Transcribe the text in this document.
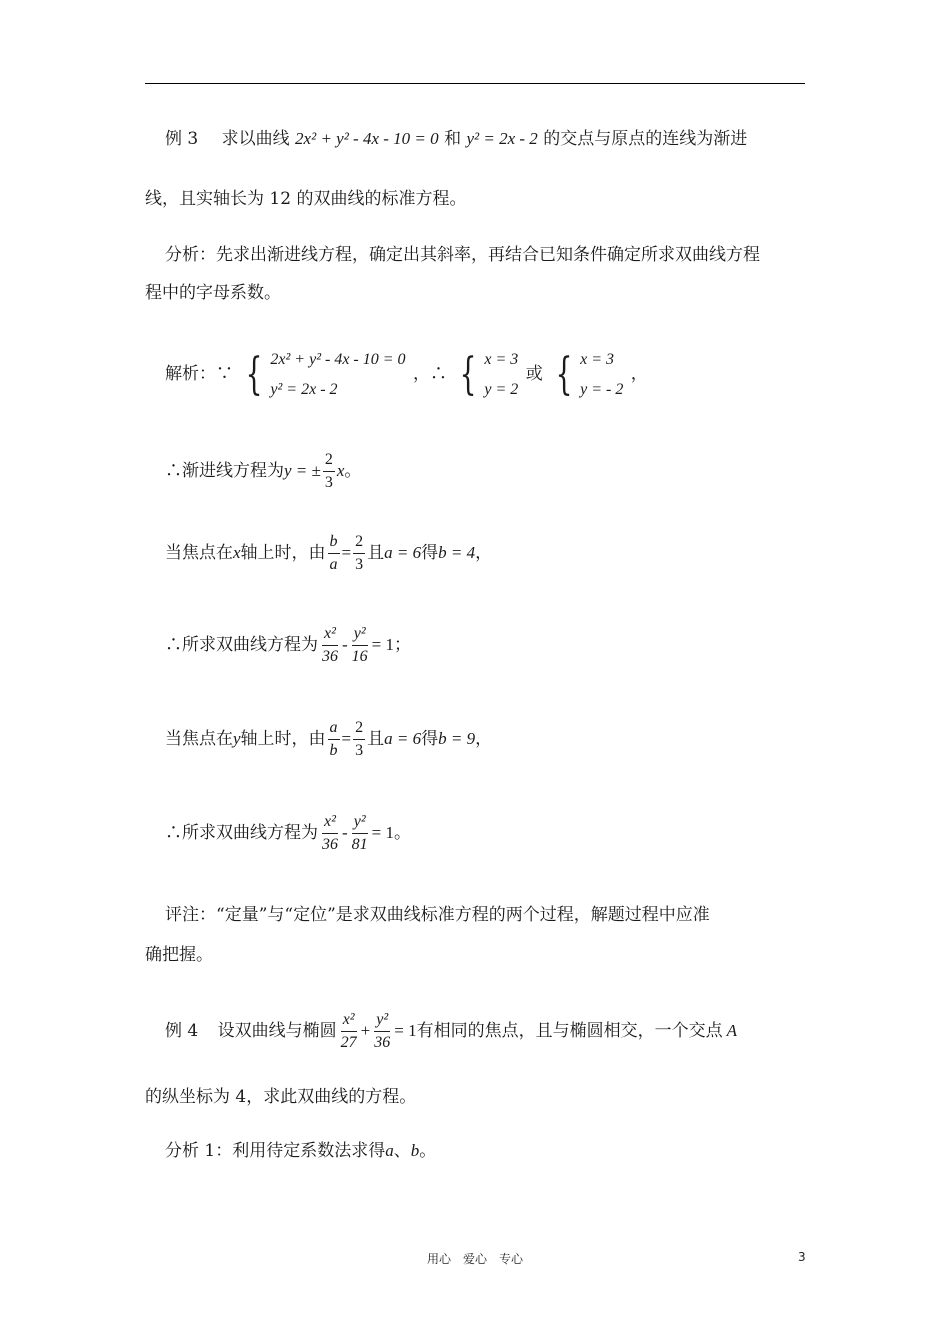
例 3 求以曲线 2x² + y² - 4x - 10 = 0 和 y² = 2x - 2 的交点与原点的连线为渐进
线，且实轴长为 12 的双曲线的标准方程。
分析：先求出渐进线方程，确定出其斜率，再结合已知条件确定所求双曲线方程
程中的字母系数。
解析：∵ { 2x² + y² - 4x - 10 = 0
y² = 2x - 2
，∴ { x = 3
y = 2
或 { x = 3
y = - 2
，
∴渐进线方程为y = ± $\frac{2}{3}$ x。
当焦点在x轴上时，由 $\frac{b}{a} = \frac{2}{3}$ 且a = 6得b = 4，
∴所求双曲线方程为 $\frac{\text{x²}}{36} - \frac{\text{y²}}{16} = 1$；
当焦点在y轴上时，由 $\frac{a}{b} = \frac{2}{3}$ 且a = 6得b = 9，
∴所求双曲线方程为 $\frac{\text{x²}}{36} - \frac{\text{y²}}{81} = 1$。
评注：“定量”与“定位”是求双曲线标准方程的两个过程，解题过程中应准
确把握。
例 4 设双曲线与椭圆 $\frac{\text{x²}}{27} + \frac{\text{y²}}{36} = 1$有相同的焦点，且与椭圆相交，一个交点 A
的纵坐标为 4，求此双曲线的方程。
分析 1：利用待定系数法求得a、b。
用心　爱心　专心	3
